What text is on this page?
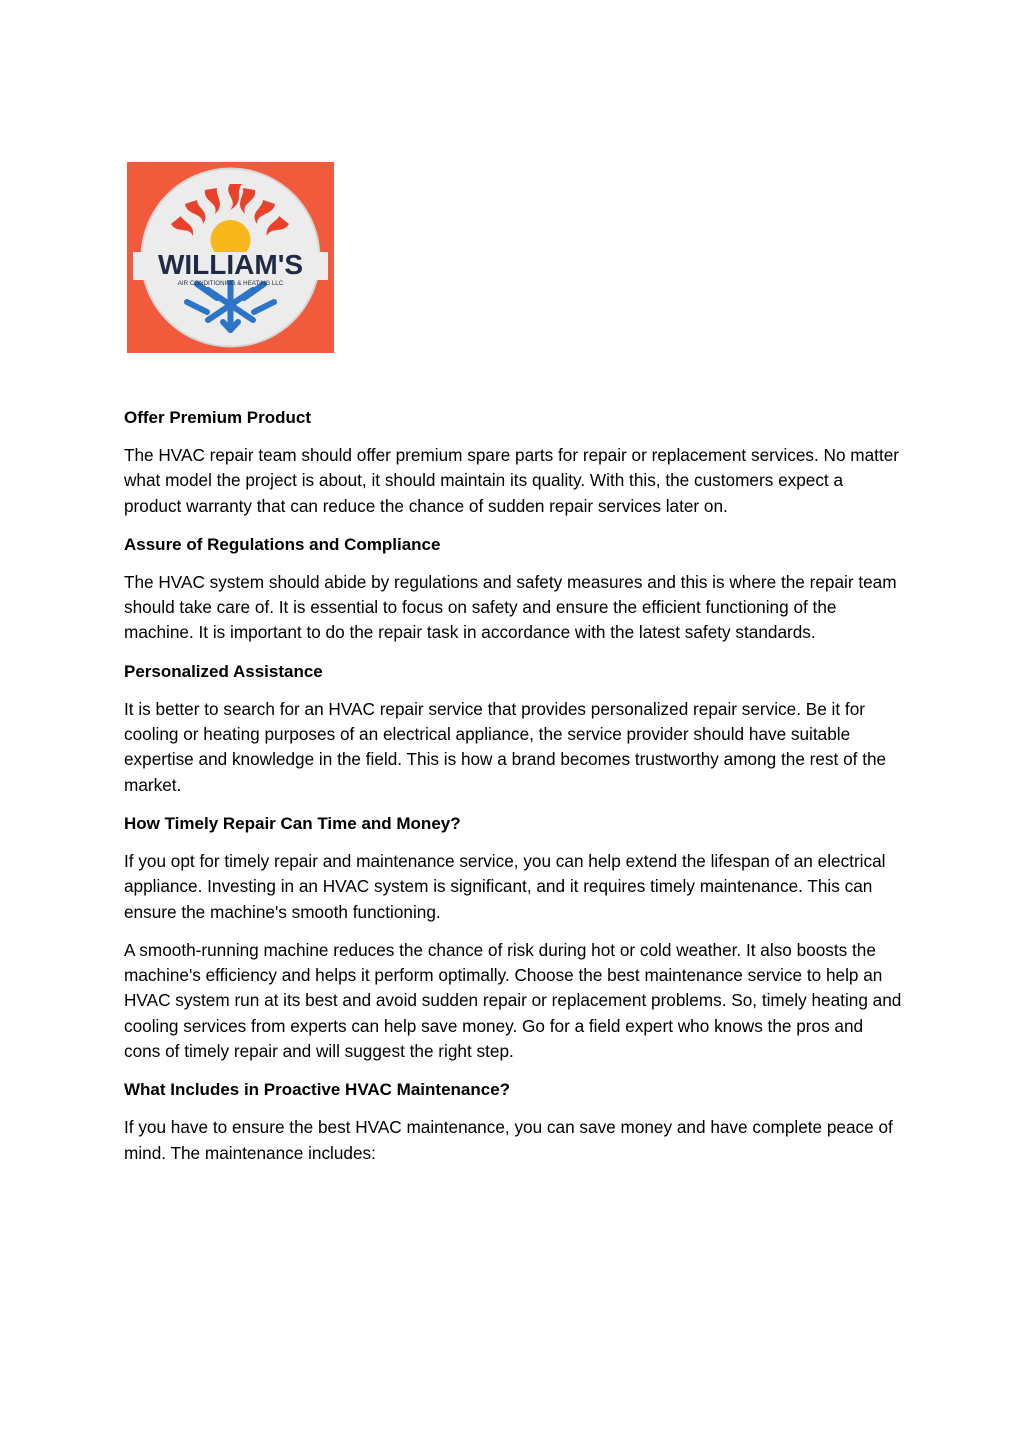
WILLIAM'S
AIR CONDITIONING & HEATING LLC
Offer Premium Product

The HVAC repair team should offer premium spare parts for repair or replacement services. No matter what model the project is about, it should maintain its quality. With this, the customers expect a product warranty that can reduce the chance of sudden repair services later on.

Assure of Regulations and Compliance

The HVAC system should abide by regulations and safety measures and this is where the repair team should take care of. It is essential to focus on safety and ensure the efficient functioning of the machine. It is important to do the repair task in accordance with the latest safety standards.

Personalized Assistance

It is better to search for an HVAC repair service that provides personalized repair service. Be it for cooling or heating purposes of an electrical appliance, the service provider should have suitable expertise and knowledge in the field. This is how a brand becomes trustworthy among the rest of the market.

How Timely Repair Can Time and Money?

If you opt for timely repair and maintenance service, you can help extend the lifespan of an electrical appliance. Investing in an HVAC system is significant, and it requires timely maintenance. This can ensure the machine's smooth functioning.

A smooth-running machine reduces the chance of risk during hot or cold weather. It also boosts the machine's efficiency and helps it perform optimally. Choose the best maintenance service to help an HVAC system run at its best and avoid sudden repair or replacement problems. So, timely heating and cooling services from experts can help save money. Go for a field expert who knows the pros and cons of timely repair and will suggest the right step.

What Includes in Proactive HVAC Maintenance?

If you have to ensure the best HVAC maintenance, you can save money and have complete peace of mind. The maintenance includes:
